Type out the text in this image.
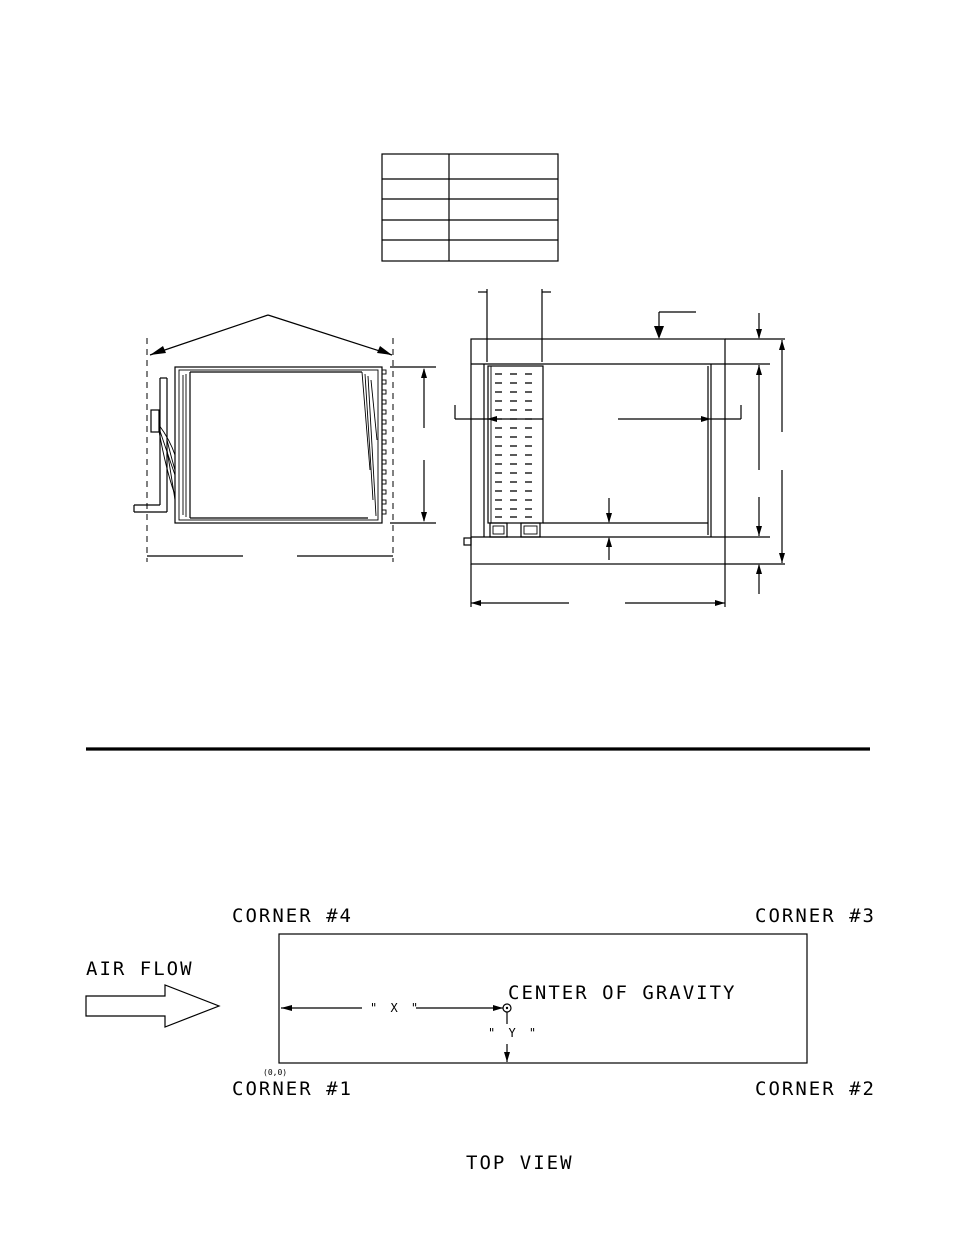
CORNER #4	CORNER #3
CORNER #1	CORNER #2
AIR FLOW
CENTER OF GRAVITY
" X "
" Y "
(0,0)
TOP VIEW
